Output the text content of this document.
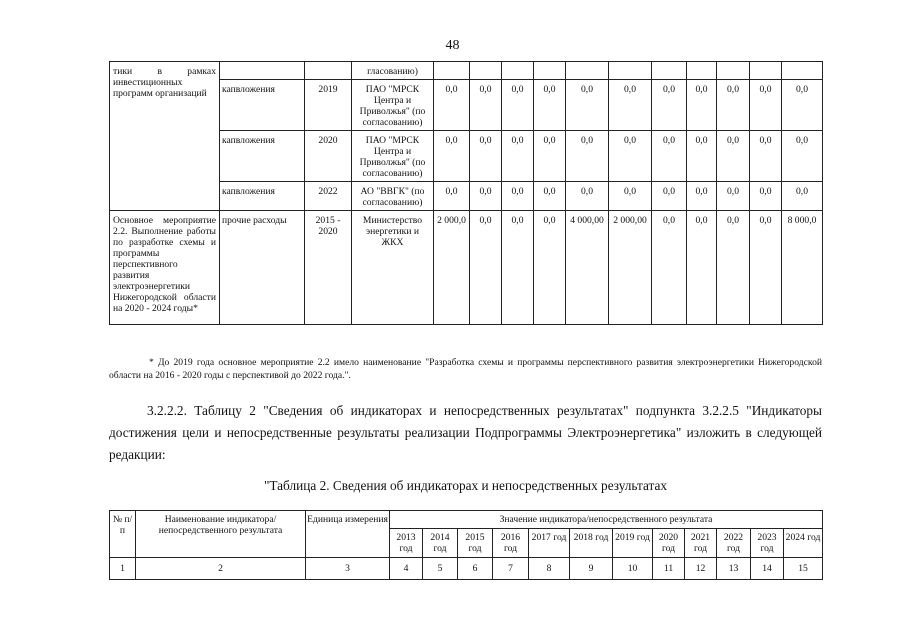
48
тики в рамках инвестиционных программ организаций			гласованию)											
	капвложения	2019	ПАО "МРСК Центра и Приволжья" (по согласованию)	0,0	0,0	0,0	0,0	0,0	0,0	0,0	0,0	0,0	0,0	0,0
	капвложения	2020	ПАО "МРСК Центра и Приволжья" (по согласованию)	0,0	0,0	0,0	0,0	0,0	0,0	0,0	0,0	0,0	0,0	0,0
	капвложения	2022	АО "ВВГК" (по согласованию)	0,0	0,0	0,0	0,0	0,0	0,0	0,0	0,0	0,0	0,0	0,0
Основное мероприятие 2.2. Выполнение работы по разработке схемы и программы перспективного развития электроэнергетики Нижегородской области на 2020 - 2024 годы*	прочие расходы	2015 - 2020	Министерство энергетики и ЖКХ	2 000,0	0,0	0,0	0,0	4 000,00	2 000,00	0,0	0,0	0,0	0,0	8 000,0
* До 2019 года основное мероприятие 2.2 имело наименование "Разработка схемы и программы перспективного развития электроэнергетики Нижегородской области на 2016 - 2020 годы с перспективой до 2022 года.".
3.2.2.2. Таблицу 2 "Сведения об индикаторах и непосредственных результатах" подпункта 3.2.2.5 "Индикаторы достижения цели и непосредственные результаты реализации Подпрограммы Электроэнергетика" изложить в следующей редакции:
"Таблица 2. Сведения об индикаторах и непосредственных результатах
№ п/п	Наименование индикатора/непосредственного результата	Единица измерения	Значение индикатора/непосредственного результата											
			2013 год	2014 год	2015 год	2016 год	2017 год	2018 год	2019 год	2020 год	2021 год	2022 год	2023 год	2024 год
1	2	3	4	5	6	7	8	9	10	11	12	13	14	15
